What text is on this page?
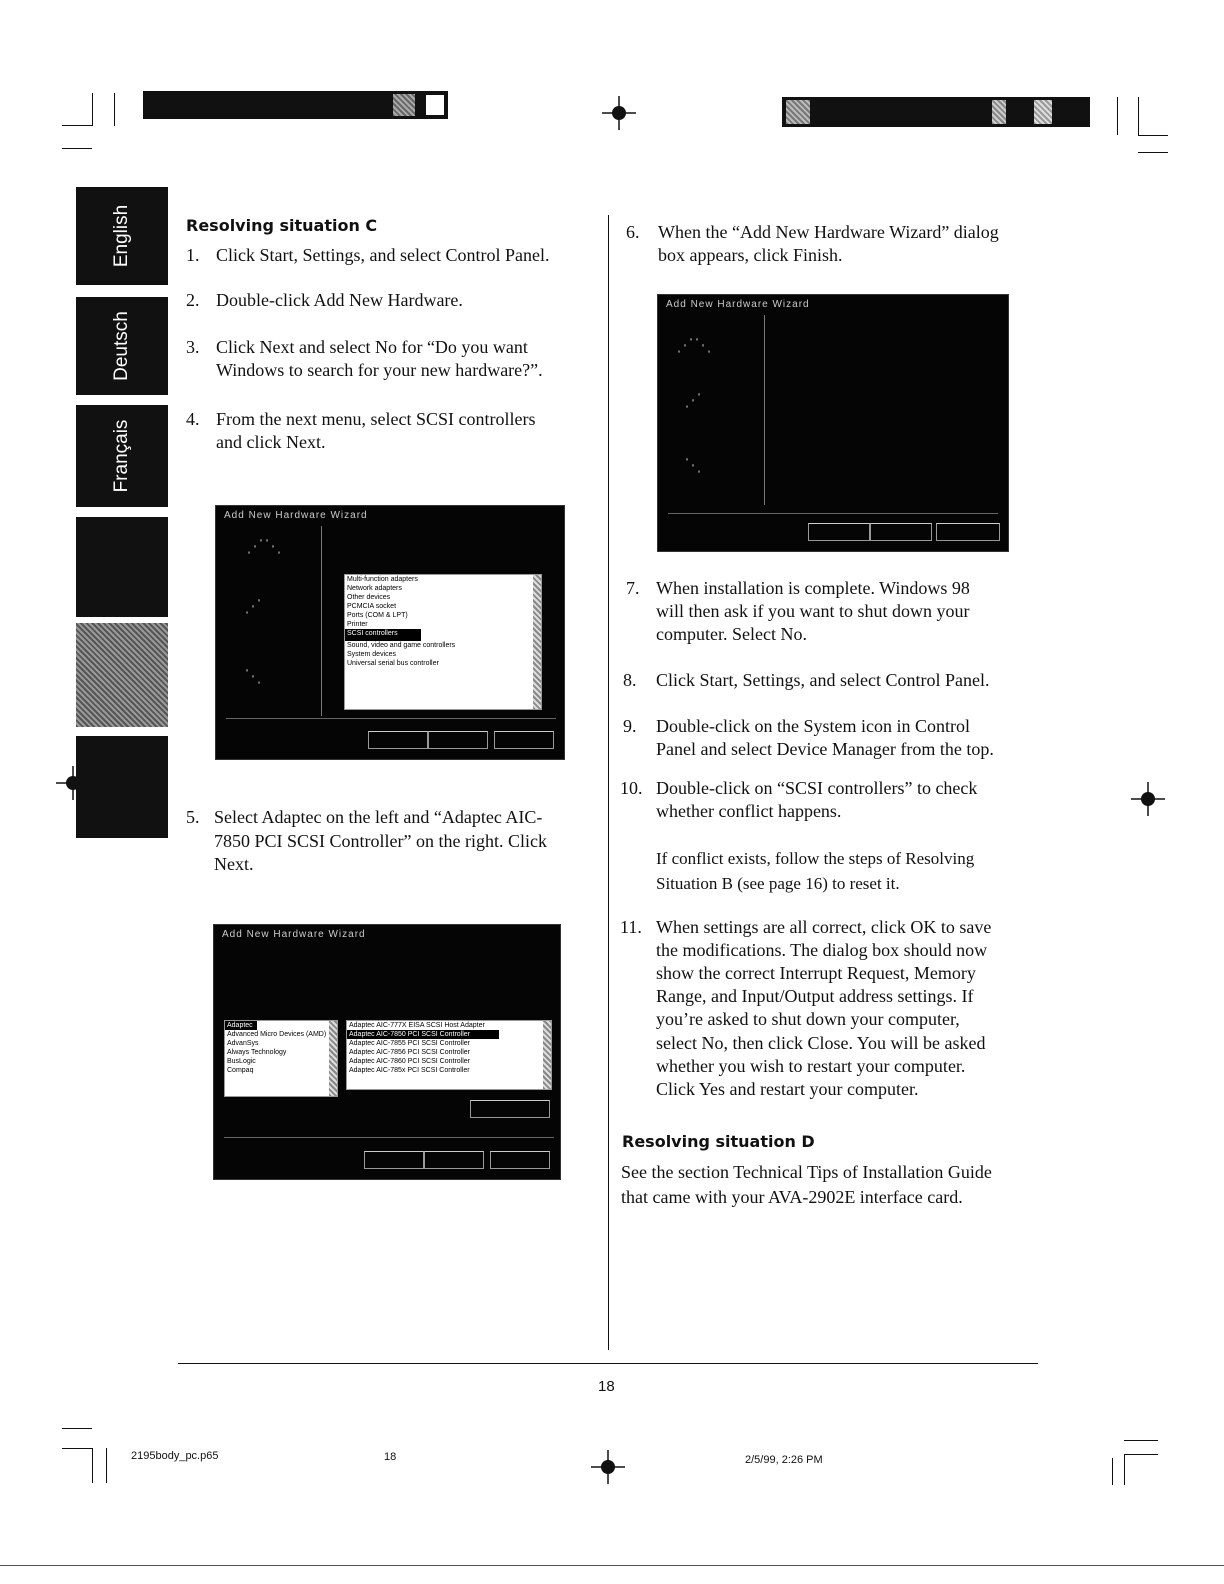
English
Deutsch
Français
Resolving situation C
1. Click Start, Settings, and select Control Panel.
2. Double-click Add New Hardware.
3. Click Next and select No for “Do you want
Windows to search for your new hardware?”.
4. From the next menu, select SCSI controllers
and click Next.
Add New Hardware Wizard
⋰⋱
⋰
⋱
Multi-function adapters
Network adapters
Other devices
PCMCIA socket
Ports (COM & LPT)
Printer
SCSI controllers
Sound, video and game controllers
System devices
Universal serial bus controller
5. Select Adaptec on the left and “Adaptec AIC-
7850 PCI SCSI Controller” on the right. Click
Next.
Add New Hardware Wizard
Adaptec
Advanced Micro Devices (AMD)
AdvanSys
Always Technology
BusLogic
Compaq
Adaptec AIC-777X EISA SCSI Host Adapter
Adaptec AIC-7850 PCI SCSI Controller
Adaptec AIC-7855 PCI SCSI Controller
Adaptec AIC-7856 PCI SCSI Controller
Adaptec AIC-7860 PCI SCSI Controller
Adaptec AIC-785x PCI SCSI Controller
6. When the “Add New Hardware Wizard” dialog
box appears, click Finish.
Add New Hardware Wizard
⋰⋱
⋰
⋱
7. When installation is complete. Windows 98
will then ask if you want to shut down your
computer. Select No.
8. Click Start, Settings, and select Control Panel.
9. Double-click on the System icon in Control
Panel and select Device Manager from the top.
10. Double-click on “SCSI controllers” to check
whether conflict happens.
If conflict exists, follow the steps of Resolving
Situation B (see page 16) to reset it.
11. When settings are all correct, click OK to save
the modifications. The dialog box should now
show the correct Interrupt Request, Memory
Range, and Input/Output address settings. If
you’re asked to shut down your computer,
select No, then click Close. You will be asked
whether you wish to restart your computer.
Click Yes and restart your computer.
Resolving situation D
See the section Technical Tips of Installation Guide
that came with your AVA-2902E interface card.
18
2195body_pc.p65	18	2/5/99, 2:26 PM
